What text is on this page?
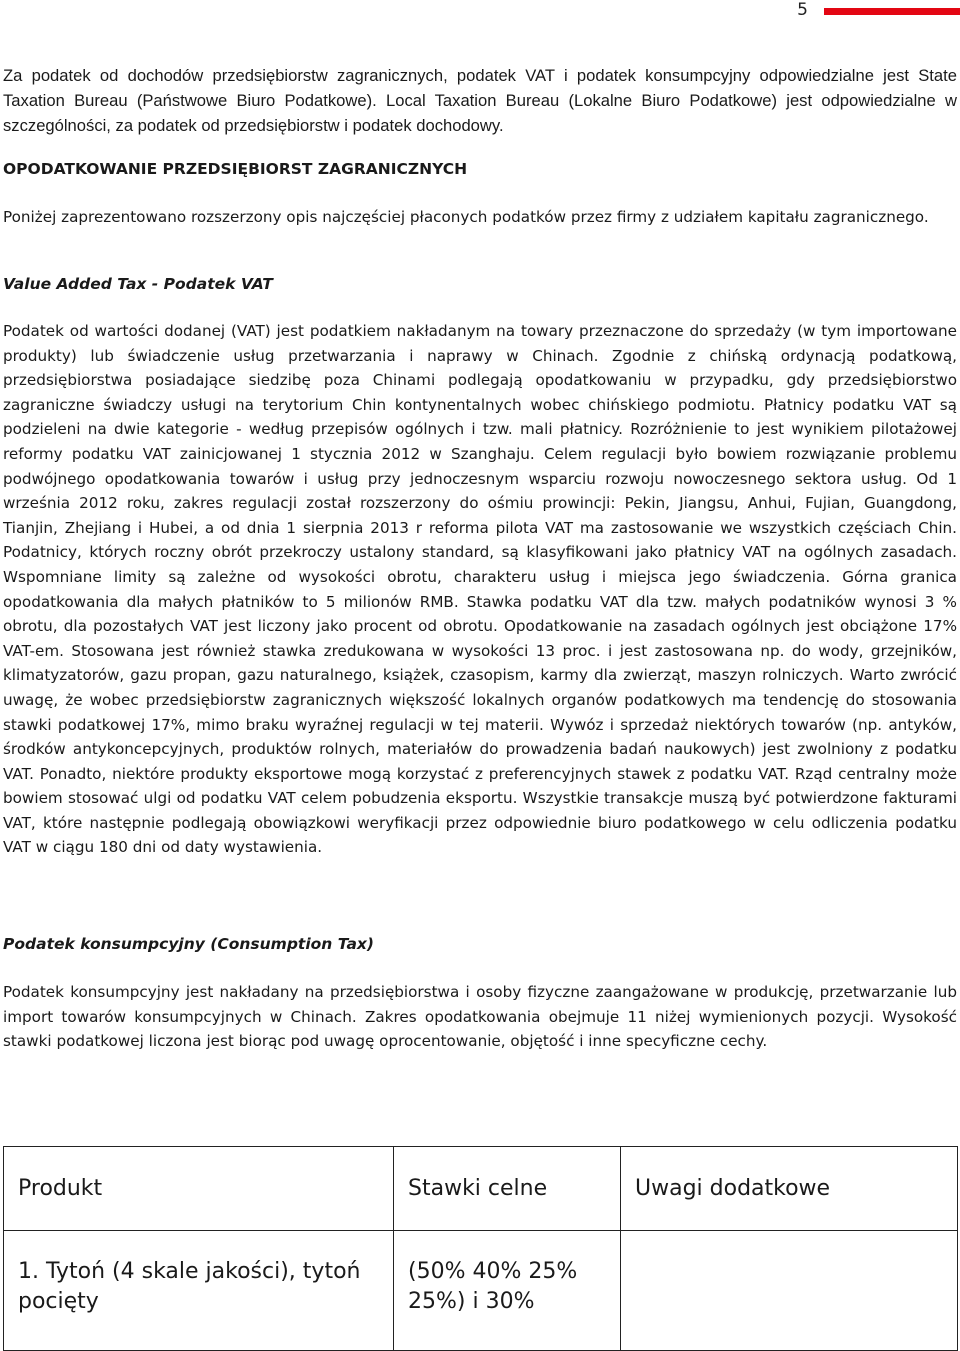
5

Za podatek od dochodów przedsiębiorstw zagranicznych, podatek VAT i podatek konsumpcyjny odpowiedzialne jest State Taxation Bureau (Państwowe Biuro Podatkowe). Local Taxation Bureau (Lokalne Biuro Podatkowe) jest odpowiedzialne w szczególności, za podatek od przedsiębiorstw i podatek dochodowy.

OPODATKOWANIE PRZEDSIĘBIORST ZAGRANICZNYCH

Poniżej zaprezentowano rozszerzony opis najczęściej płaconych podatków przez firmy z udziałem kapitału zagranicznego.

Value Added Tax - Podatek VAT

Podatek od wartości dodanej (VAT) jest podatkiem nakładanym na towary przeznaczone do sprzedaży (w tym importowane produkty) lub świadczenie usług przetwarzania i naprawy w Chinach. Zgodnie z chińską ordynacją podatkową, przedsiębiorstwa posiadające siedzibę poza Chinami podlegają opodatkowaniu w przypadku, gdy przedsiębiorstwo zagraniczne świadczy usługi na terytorium Chin kontynentalnych wobec chińskiego podmiotu. Płatnicy podatku VAT są podzieleni na dwie kategorie - według przepisów ogólnych i tzw. mali płatnicy. Rozróżnienie to jest wynikiem pilotażowej reformy podatku VAT zainicjowanej 1 stycznia 2012 w Szanghaju. Celem regulacji było bowiem rozwiązanie problemu podwójnego opodatkowania towarów i usług przy jednoczesnym wsparciu rozwoju nowoczesnego sektora usług. Od 1 września 2012 roku, zakres regulacji został rozszerzony do ośmiu prowincji: Pekin, Jiangsu, Anhui, Fujian, Guangdong, Tianjin, Zhejiang i Hubei, a od dnia 1 sierpnia 2013 r reforma pilota VAT ma zastosowanie we wszystkich częściach Chin. Podatnicy, których roczny obrót przekroczy ustalony standard, są klasyfikowani jako płatnicy VAT na ogólnych zasadach. Wspomniane limity są zależne od wysokości obrotu, charakteru usług i miejsca jego świadczenia. Górna granica opodatkowania dla małych płatników to 5 milionów RMB. Stawka podatku VAT dla tzw. małych podatników wynosi 3 % obrotu, dla pozostałych VAT jest liczony jako procent od obrotu. Opodatkowanie na zasadach ogólnych jest obciążone 17% VAT-em. Stosowana jest również stawka zredukowana w wysokości 13 proc. i jest zastosowana np. do wody, grzejników, klimatyzatorów, gazu propan, gazu naturalnego, książek, czasopism, karmy dla zwierząt, maszyn rolniczych. Warto zwrócić uwagę, że wobec przedsiębiorstw zagranicznych większość lokalnych organów podatkowych ma tendencję do stosowania stawki podatkowej 17%, mimo braku wyraźnej regulacji w tej materii. Wywóz i sprzedaż niektórych towarów (np. antyków, środków antykoncepcyjnych, produktów rolnych, materiałów do prowadzenia badań naukowych) jest zwolniony z podatku VAT. Ponadto, niektóre produkty eksportowe mogą korzystać z preferencyjnych stawek z podatku VAT. Rząd centralny może bowiem stosować ulgi od podatku VAT celem pobudzenia eksportu. Wszystkie transakcje muszą być potwierdzone fakturami VAT, które następnie podlegają obowiązkowi weryfikacji przez odpowiednie biuro podatkowego w celu odliczenia podatku VAT w ciągu 180 dni od daty wystawienia.

Podatek konsumpcyjny (Consumption Tax)

Podatek konsumpcyjny jest nakładany na przedsiębiorstwa i osoby fizyczne zaangażowane w produkcję, przetwarzanie lub import towarów konsumpcyjnych w Chinach. Zakres opodatkowania obejmuje 11 niżej wymienionych pozycji. Wysokość stawki podatkowej liczona jest biorąc pod uwagę oprocentowanie, objętość i inne specyficzne cechy.

Produkt	Stawki celne	Uwagi dodatkowe
1. Tytoń (4 skale jakości), tytoń pocięty	(50% 40% 25% 25%) i 30%	
